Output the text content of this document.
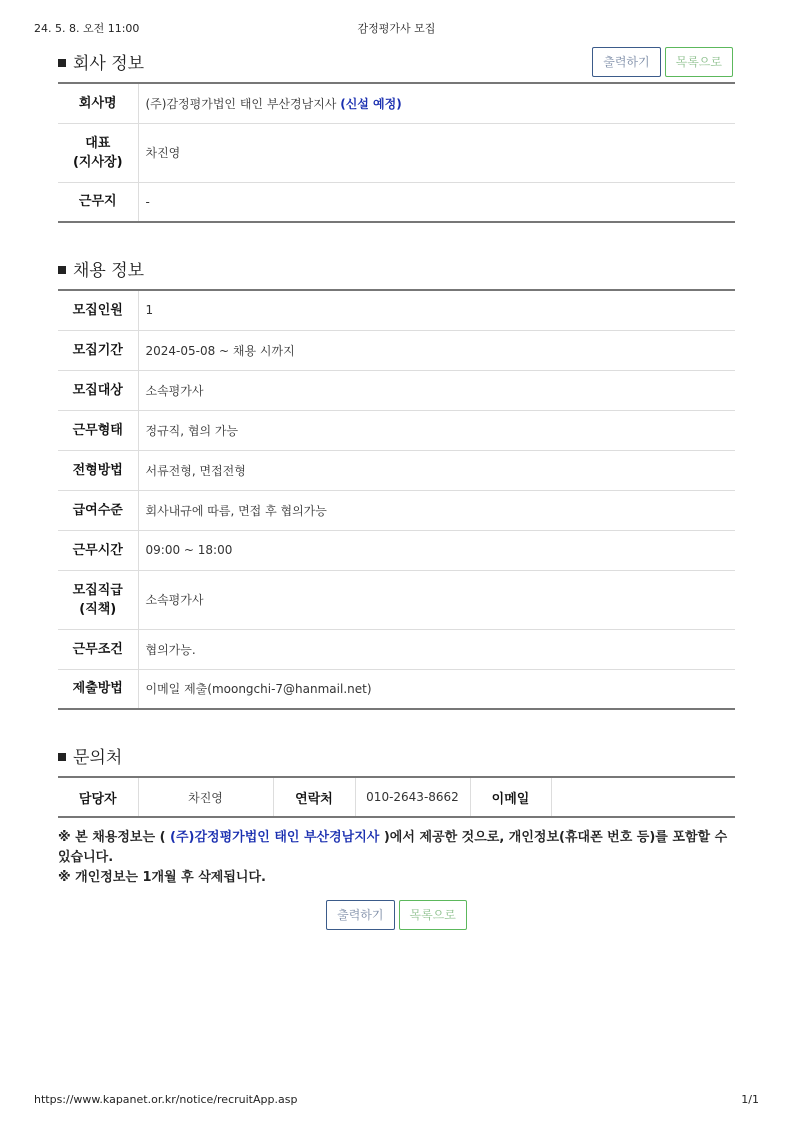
24. 5. 8. 오전 11:00	감정평가사 모집
회사 정보	출력하기	목록으로
회사명	(주)감정평가법인 태인 부산경남지사 (신설 예정)
대표
(지사장)	차진영
근무지	-
채용 정보
모집인원	1
모집기간	2024-05-08 ~ 채용 시까지
모집대상	소속평가사
근무형태	정규직, 협의 가능
전형방법	서류전형, 면접전형
급여수준	회사내규에 따름, 면접 후 협의가능
근무시간	09:00 ~ 18:00
모집직급
(직책)	소속평가사
근무조건	협의가능.
제출방법	이메일 제출(moongchi-7@hanmail.net)
문의처
담당자	차진영	연락처	010-2643-8662	이메일	
※ 본 채용정보는 ( (주)감정평가법인 태인 부산경남지사 )에서 제공한 것으로, 개인정보(휴대폰 번호 등)를 포함할 수 있습니다.
※ 개인정보는 1개월 후 삭제됩니다.
출력하기	목록으로
https://www.kapanet.or.kr/notice/recruitApp.asp	1/1
